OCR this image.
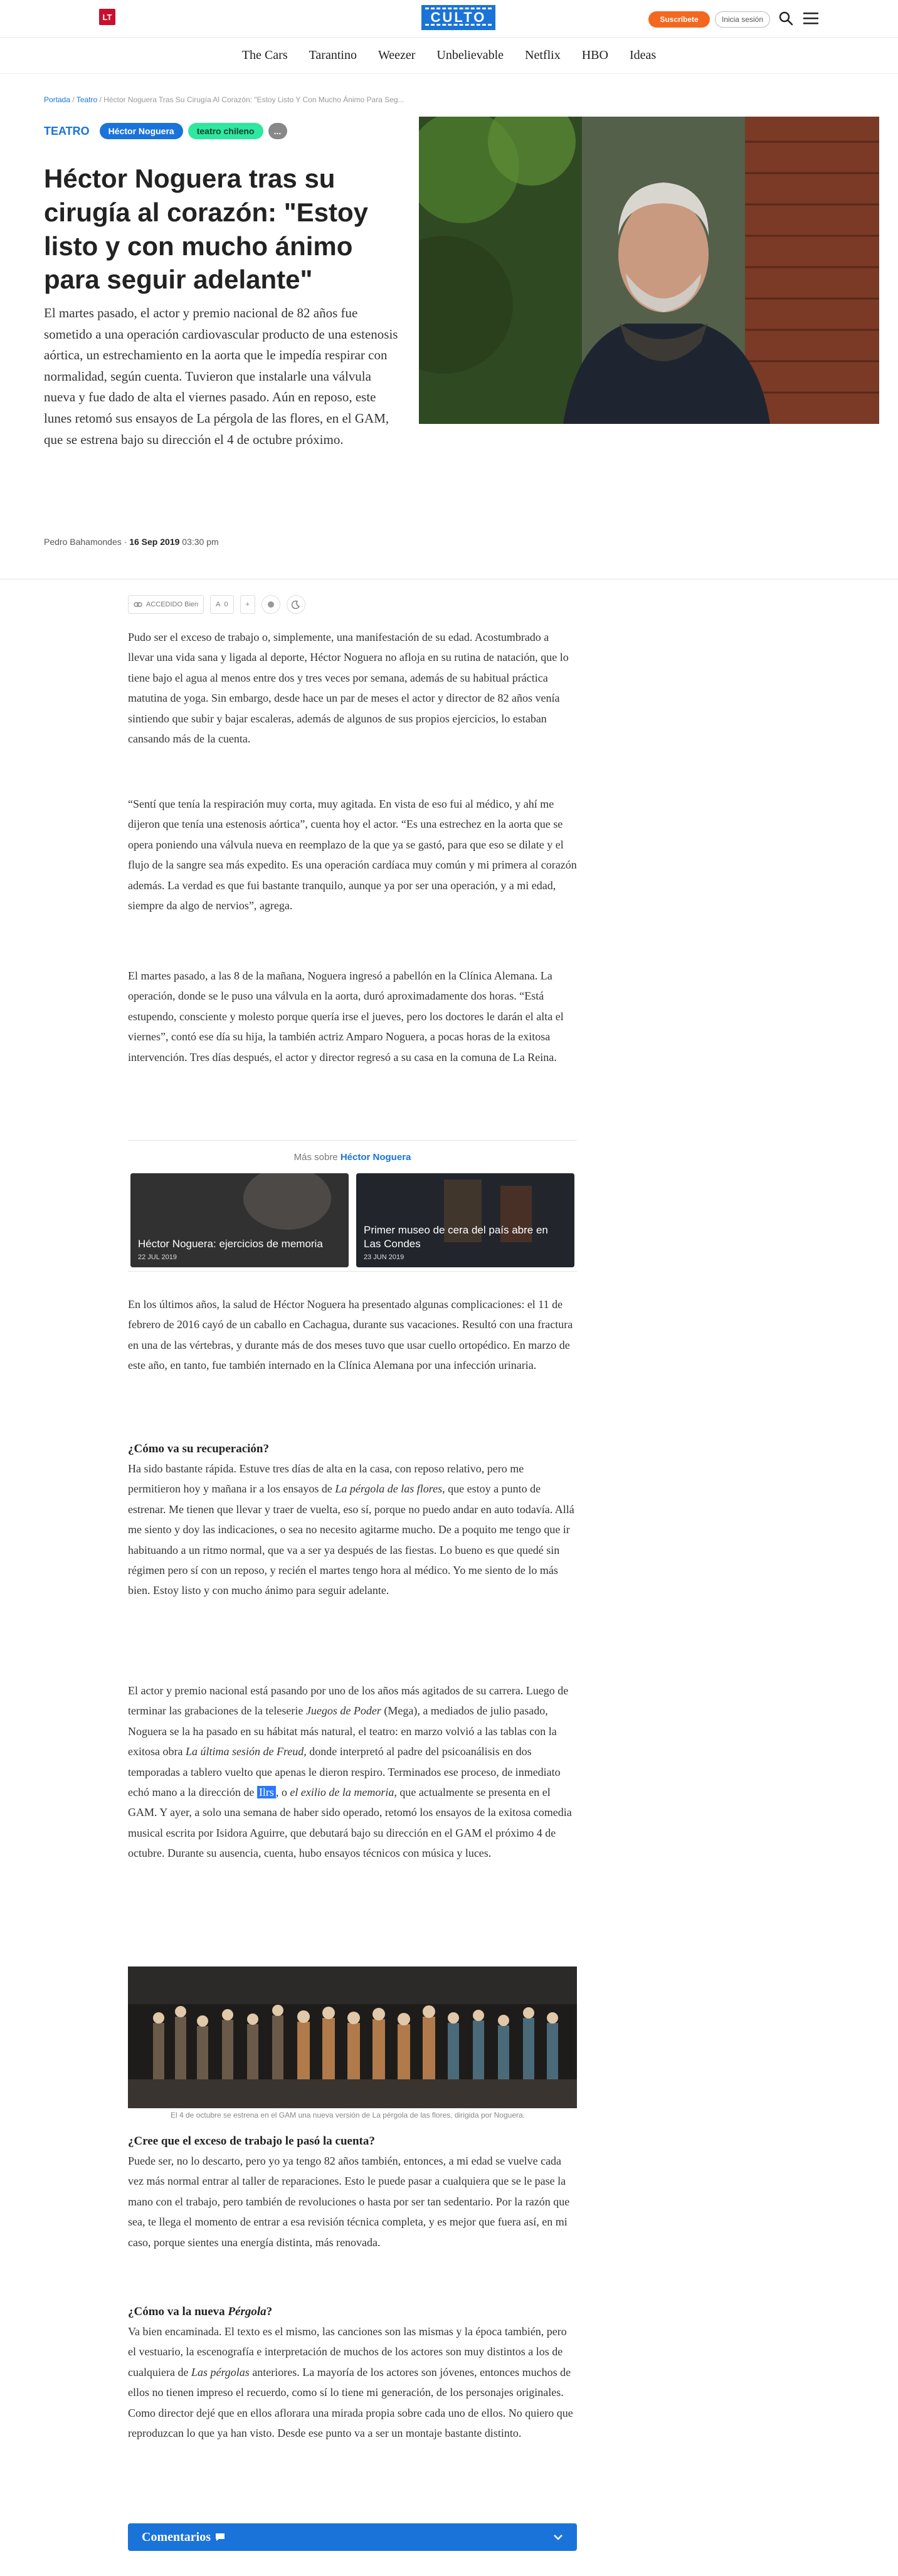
LT	CULTO	Suscríbete	Inicia sesión
The Cars Tarantino Weezer Unbelievable Netflix HBO Ideas
Portada / Teatro / Héctor Noguera Tras Su Cirugía Al Corazón: "Estoy Listo Y Con Mucho Ánimo Para Seg...
TEATRO	Héctor Noguera	teatro chileno	...
Héctor Noguera tras su cirugía al corazón: "Estoy listo y con mucho ánimo para seguir adelante"

El martes pasado, el actor y premio nacional de 82 años fue sometido a una operación cardiovascular producto de una estenosis aórtica, un estrechamiento en la aorta que le impedía respirar con normalidad, según cuenta. Tuvieron que instalarle una válvula nueva y fue dado de alta el viernes pasado. Aún en reposo, este lunes retomó sus ensayos de La pérgola de las flores, en el GAM, que se estrena bajo su dirección el 4 de octubre próximo.

Pedro Bahamondes · 16 Sep 2019 03:30 pm
ACCEDIDO Bien	A 0	+

Pudo ser el exceso de trabajo o, simplemente, una manifestación de su edad. Acostumbrado a llevar una vida sana y ligada al deporte, Héctor Noguera no afloja en su rutina de natación, que lo tiene bajo el agua al menos entre dos y tres veces por semana, además de su habitual práctica matutina de yoga. Sin embargo, desde hace un par de meses el actor y director de 82 años venía sintiendo que subir y bajar escaleras, además de algunos de sus propios ejercicios, lo estaban cansando más de la cuenta.

“Sentí que tenía la respiración muy corta, muy agitada. En vista de eso fui al médico, y ahí me dijeron que tenía una estenosis aórtica”, cuenta hoy el actor. “Es una estrechez en la aorta que se opera poniendo una válvula nueva en reemplazo de la que ya se gastó, para que eso se dilate y el flujo de la sangre sea más expedito. Es una operación cardíaca muy común y mi primera al corazón además. La verdad es que fui bastante tranquilo, aunque ya por ser una operación, y a mi edad, siempre da algo de nervios”, agrega.

El martes pasado, a las 8 de la mañana, Noguera ingresó a pabellón en la Clínica Alemana. La operación, donde se le puso una válvula en la aorta, duró aproximadamente dos horas. “Está estupendo, consciente y molesto porque quería irse el jueves, pero los doctores le darán el alta el viernes”, contó ese día su hija, la también actriz Amparo Noguera, a pocas horas de la exitosa intervención. Tres días después, el actor y director regresó a su casa en la comuna de La Reina.

Más sobre Héctor Noguera
Héctor Noguera: ejercicios de memoria
22 JUL 2019
Primer museo de cera del país abre en Las Condes
23 JUN 2019

En los últimos años, la salud de Héctor Noguera ha presentado algunas complicaciones: el 11 de febrero de 2016 cayó de un caballo en Cachagua, durante sus vacaciones. Resultó con una fractura en una de las vértebras, y durante más de dos meses tuvo que usar cuello ortopédico. En marzo de este año, en tanto, fue también internado en la Clínica Alemana por una infección urinaria.

¿Cómo va su recuperación?

Ha sido bastante rápida. Estuve tres días de alta en la casa, con reposo relativo, pero me permitieron hoy y mañana ir a los ensayos de La pérgola de las flores, que estoy a punto de estrenar. Me tienen que llevar y traer de vuelta, eso sí, porque no puedo andar en auto todavía. Allá me siento y doy las indicaciones, o sea no necesito agitarme mucho. De a poquito me tengo que ir habituando a un ritmo normal, que va a ser ya después de las fiestas. Lo bueno es que quedé sin régimen pero sí con un reposo, y recién el martes tengo hora al médico. Yo me siento de lo más bien. Estoy listo y con mucho ánimo para seguir adelante.

El actor y premio nacional está pasando por uno de los años más agitados de su carrera. Luego de terminar las grabaciones de la teleserie Juegos de Poder (Mega), a mediados de julio pasado, Noguera se la ha pasado en su hábitat más natural, el teatro: en marzo volvió a las tablas con la exitosa obra La última sesión de Freud, donde interpretó al padre del psicoanálisis en dos temporadas a tablero vuelto que apenas le dieron respiro. Terminados ese proceso, de inmediato echó mano a la dirección de Ilrs , o el exilio de la memoria, que actualmente se presenta en el GAM. Y ayer, a solo una semana de haber sido operado, retomó los ensayos de la exitosa comedia musical escrita por Isidora Aguirre, que debutará bajo su dirección en el GAM el próximo 4 de octubre. Durante su ausencia, cuenta, hubo ensayos técnicos con música y luces.

El 4 de octubre se estrena en el GAM una nueva versión de La pérgola de las flores, dirigida por Noguera.
¿Cree que el exceso de trabajo le pasó la cuenta?

Puede ser, no lo descarto, pero yo ya tengo 82 años también, entonces, a mi edad se vuelve cada vez más normal entrar al taller de reparaciones. Esto le puede pasar a cualquiera que se le pase la mano con el trabajo, pero también de revoluciones o hasta por ser tan sedentario. Por la razón que sea, te llega el momento de entrar a esa revisión técnica completa, y es mejor que fuera así, en mi caso, porque sientes una energía distinta, más renovada.

¿Cómo va la nueva Pérgola?

Va bien encaminada. El texto es el mismo, las canciones son las mismas y la época también, pero el vestuario, la escenografía e interpretación de muchos de los actores son muy distintos a los de cualquiera de Las pérgolas anteriores. La mayoría de los actores son jóvenes, entonces muchos de ellos no tienen impreso el recuerdo, como sí lo tiene mi generación, de los personajes originales. Como director dejé que en ellos aflorara una mirada propia sobre cada uno de ellos. No quiero que reproduzcan lo que ya han visto. Desde ese punto va a ser un montaje bastante distinto.

Comentarios
